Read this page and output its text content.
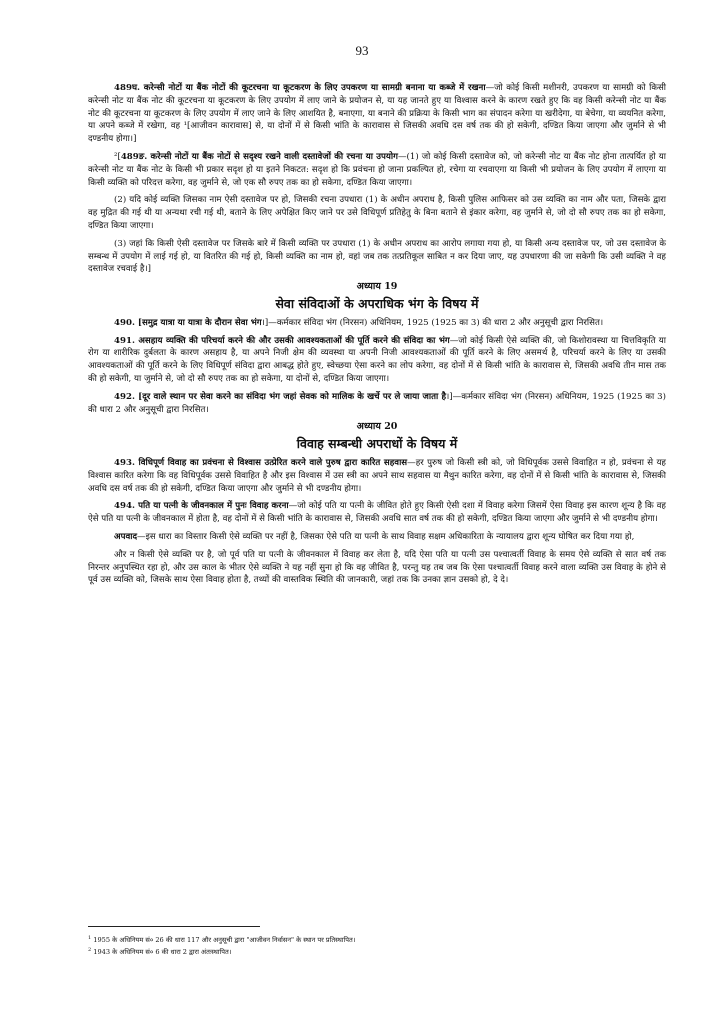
93

489घ. करेन्सी नोटों या बैंक नोटों की कूटरचना या कूटकरण के लिए उपकरण या सामग्री बनाना या कब्जे में रखना—जो कोई किसी मशीनरी, उपकरण या सामग्री को किसी करेन्सी नोट या बैंक नोट की कूटरचना या कूटकरण के लिए उपयोग में लाए जाने के प्रयोजन से, या यह जानते हुए या विश्वास करने के कारण रखते हुए कि वह किसी करेन्सी नोट या बैंक नोट की कूटरचना या कूटकरण के लिए उपयोग में लाए जाने के लिए आशयित है, बनाएगा, या बनाने की प्रक्रिया के किसी भाग का संपादन करेगा या खरीदेगा, या बेचेगा, या व्ययनित करेगा, या अपने कब्जे में रखेगा, वह ¹[आजीवन कारावास] से, या दोनों में से किसी भांति के कारावास से जिसकी अवधि दस वर्ष तक की हो सकेगी, दण्डित किया जाएगा और जुर्माने से भी दण्डनीय होगा।]

²[489ङ. करेन्सी नोटों या बैंक नोटों से सदृश्य रखने वाली दस्तावेजों की रचना या उपयोग—(1) जो कोई किसी दस्तावेज को, जो करेन्सी नोट या बैंक नोट होना तात्पर्यित हो या करेन्सी नोट या बैंक नोट के किसी भी प्रकार सदृश हो या इतने निकटत: सदृश हो कि प्रवंचना हो जाना प्रकल्पित हो, रचेगा या रचवाएगा या किसी भी प्रयोजन के लिए उपयोग में लाएगा या किसी व्यक्ति को परिदत्त करेगा, वह जुर्माने से, जो एक सौ रुपए तक का हो सकेगा, दण्डित किया जाएगा।

(2) यदि कोई व्यक्ति जिसका नाम ऐसी दस्तावेज पर हो, जिसकी रचना उपधारा (1) के अधीन अपराध है, किसी पुलिस आफिसर को उस व्यक्ति का नाम और पता, जिसके द्वारा वह मुद्रित की गई थी या अन्यथा रची गई थी, बताने के लिए अपेक्षित किए जाने पर उसे विधिपूर्ण प्रतिहेतु के बिना बताने से इंकार करेगा, वह जुर्माने से, जो दो सौ रुपए तक का हो सकेगा, दण्डित किया जाएगा।

(3) जहां कि किसी ऐसी दस्तावेज पर जिसके बारे में किसी व्यक्ति पर उपधारा (1) के अधीन अपराध का आरोप लगाया गया हो, या किसी अन्य दस्तावेज पर, जो उस दस्तावेज के सम्बन्ध में उपयोग में लाई गई हो, या वितरित की गई हो, किसी व्यक्ति का नाम हो, वहां जब तक तत्प्रतिकूल साबित न कर दिया जाए, यह उपधारणा की जा सकेगी कि उसी व्यक्ति ने वह दस्तावेज रचवाई है।]

अध्याय 19
सेवा संविदाओं के अपराधिक भंग के विषय में

490. [समुद्र यात्रा या यात्रा के दौरान सेवा भंग।]—कर्मकार संविदा भंग (निरसन) अधिनियम, 1925 (1925 का 3) की धारा 2 और अनुसूची द्वारा निरसित।

491. असहाय व्यक्ति की परिचर्या करने की और उसकी आवश्यकताओं की पूर्ति करने की संविदा का भंग—जो कोई किसी ऐसे व्यक्ति की, जो किशोरावस्था या चित्तविकृति या रोग या शारीरिक दुर्बलता के कारण असहाय है, या अपने निजी क्षेम की व्यवस्था या अपनी निजी आवश्यकताओं की पूर्ति करने के लिए असमर्थ है, परिचर्या करने के लिए या उसकी आवश्यकताओं की पूर्ति करने के लिए विधिपूर्ण संविदा द्वारा आबद्ध होते हुए, स्वेच्छया ऐसा करने का लोप करेगा, वह दोनों में से किसी भांति के कारावास से, जिसकी अवधि तीन मास तक की हो सकेगी, या जुर्माने से, जो दो सौ रुपए तक का हो सकेगा, या दोनों से, दण्डित किया जाएगा।

492. [दूर वाले स्थान पर सेवा करने का संविदा भंग जहां सेवक को मालिक के खर्चे पर ले जाया जाता है।]—कर्मकार संविदा भंग (निरसन) अधिनियम, 1925 (1925 का 3) की धारा 2 और अनुसूची द्वारा निरसित।

अध्याय 20
विवाह सम्बन्धी अपराधों के विषय में

493. विधिपूर्ण विवाह का प्रवंचना से विश्वास उत्प्रेरित करने वाले पुरुष द्वारा कारित सहवास—हर पुरुष जो किसी स्त्री को, जो विधिपूर्वक उससे विवाहित न हो, प्रवंचना से यह विश्वास कारित करेगा कि वह विधिपूर्वक उससे विवाहित है और इस विश्वास में उस स्त्री का अपने साथ सहवास या मैथुन कारित करेगा, वह दोनों में से किसी भांति के कारावास से, जिसकी अवधि दस वर्ष तक की हो सकेगी, दण्डित किया जाएगा और जुर्माने से भी दण्डनीय होगा।

494. पति या पत्नी के जीवनकाल में पुनः विवाह करना—जो कोई पति या पत्नी के जीवित होते हुए किसी ऐसी दशा में विवाह करेगा जिसमें ऐसा विवाह इस कारण शून्य है कि वह ऐसे पति या पत्नी के जीवनकाल में होता है, वह दोनों में से किसी भांति के कारावास से, जिसकी अवधि सात वर्ष तक की हो सकेगी, दण्डित किया जाएगा और जुर्माने से भी दण्डनीय होगा।

अपवाद—इस धारा का विस्तार किसी ऐसे व्यक्ति पर नहीं है, जिसका ऐसे पति या पत्नी के साथ विवाह सक्षम अधिकारिता के न्यायालय द्वारा शून्य घोषित कर दिया गया हो,

और न किसी ऐसे व्यक्ति पर है, जो पूर्व पति या पत्नी के जीवनकाल में विवाह कर लेता है, यदि ऐसा पति या पत्नी उस पश्चात्वर्ती विवाह के समय ऐसे व्यक्ति से सात वर्ष तक निरन्तर अनुपस्थित रहा हो, और उस काल के भीतर ऐसे व्यक्ति ने यह नहीं सुना हो कि वह जीवित है, परन्तु यह तब जब कि ऐसा पश्चात्वर्ती विवाह करने वाला व्यक्ति उस विवाह के होने से पूर्व उस व्यक्ति को, जिसके साथ ऐसा विवाह होता है, तथ्यों की वास्तविक स्थिति की जानकारी, जहां तक कि उनका ज्ञान उसको हो, दे दे।

$^1$ 1955 के अधिनियम सं० 26 की धारा 117 और अनुसूची द्वारा "आजीवन निर्वासन" के स्थान पर प्रतिस्थापित।
$^2$ 1943 के अधिनियम सं० 6 की धारा 2 द्वारा अंतःस्थापित।
